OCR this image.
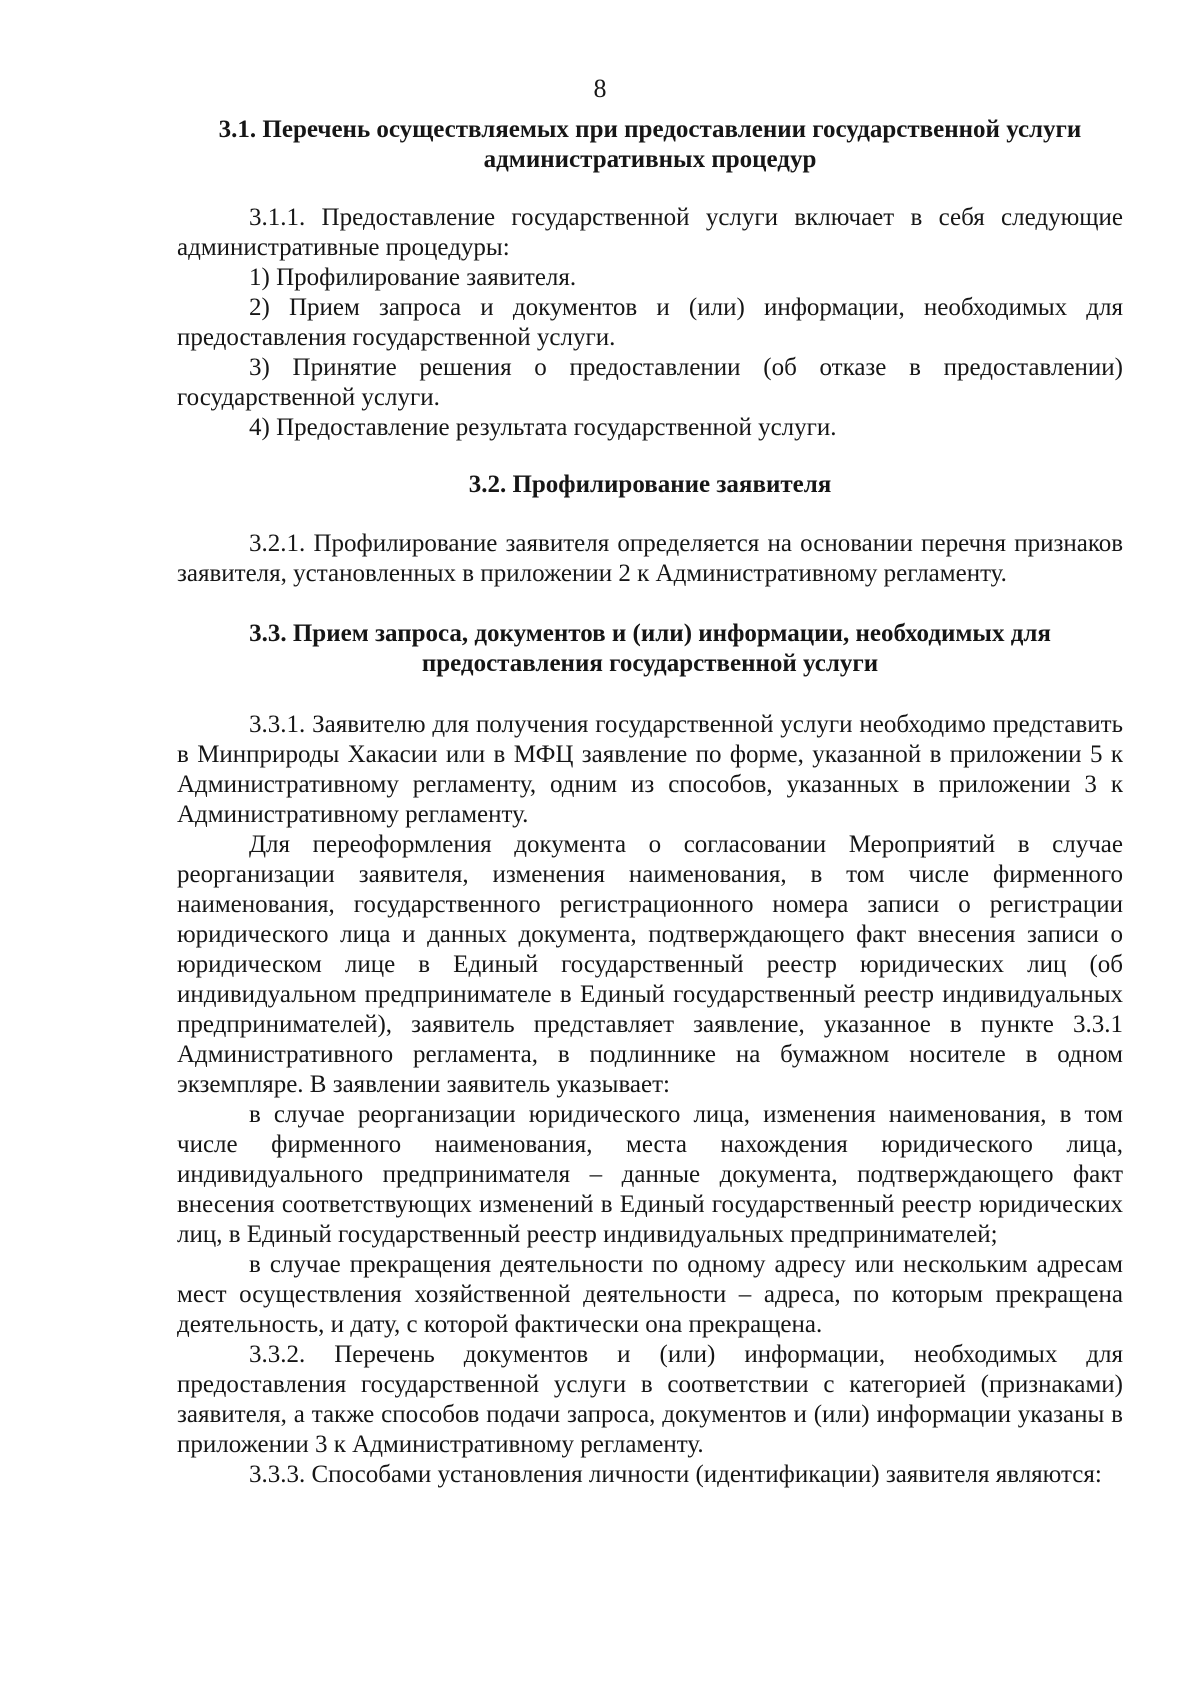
8
3.1. Перечень осуществляемых при предоставлении государственной услуги административных процедур

3.1.1. Предоставление государственной услуги включает в себя следующие административные процедуры:

1) Профилирование заявителя.

2) Прием запроса и документов и (или) информации, необходимых для предоставления государственной услуги.

3) Принятие решения о предоставлении (об отказе в предоставлении) государственной услуги.

4) Предоставление результата государственной услуги.

3.2. Профилирование заявителя

3.2.1. Профилирование заявителя определяется на основании перечня признаков заявителя, установленных в приложении 2 к Административному регламенту.

3.3. Прием запроса, документов и (или) информации, необходимых для предоставления государственной услуги

3.3.1. Заявителю для получения государственной услуги необходимо представить в Минприроды Хакасии или в МФЦ заявление по форме, указанной в приложении 5 к Административному регламенту, одним из способов, указанных в приложении 3 к Административному регламенту.

Для переоформления документа о согласовании Мероприятий в случае реорганизации заявителя, изменения наименования, в том числе фирменного наименования, государственного регистрационного номера записи о регистрации юридического лица и данных документа, подтверждающего факт внесения записи о юридическом лице в Единый государственный реестр юридических лиц (об индивидуальном предпринимателе в Единый государственный реестр индивидуальных предпринимателей), заявитель представляет заявление, указанное в пункте 3.3.1 Административного регламента, в подлиннике на бумажном носителе в одном экземпляре. В заявлении заявитель указывает:

в случае реорганизации юридического лица, изменения наименования, в том числе фирменного наименования, места нахождения юридического лица, индивидуального предпринимателя – данные документа, подтверждающего факт внесения соответствующих изменений в Единый государственный реестр юридических лиц, в Единый государственный реестр индивидуальных предпринимателей;

в случае прекращения деятельности по одному адресу или нескольким адресам мест осуществления хозяйственной деятельности – адреса, по которым прекращена деятельность, и дату, с которой фактически она прекращена.

3.3.2. Перечень документов и (или) информации, необходимых для предоставления государственной услуги в соответствии с категорией (признаками) заявителя, а также способов подачи запроса, документов и (или) информации указаны в приложении 3 к Административному регламенту.

3.3.3. Способами установления личности (идентификации) заявителя являются:
